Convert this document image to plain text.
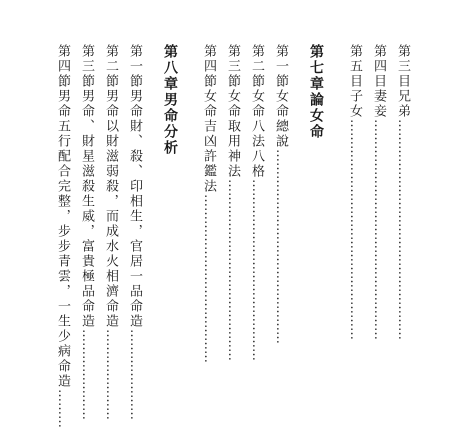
第三目兄弟……………………………………………
第四目妻妾……………………………………………
第五目子女……………………………………………
第七章論女命
第一節女命總說………………………………………
第二節女命八法八格……………………………………
第三節女命取用神法……………………………………
第四節女命吉凶許鑑法…………………………………
第八章男命分析
第一節男命財、殺、印相生，官居一品命造…………………
第二節男命以財滋弱殺，而成水火相濟命造…………………
第三節男命、財星滋殺生威，富貴極品命造…………………
第四節男命五行配合完整，步步青雲，一生少病命造………
